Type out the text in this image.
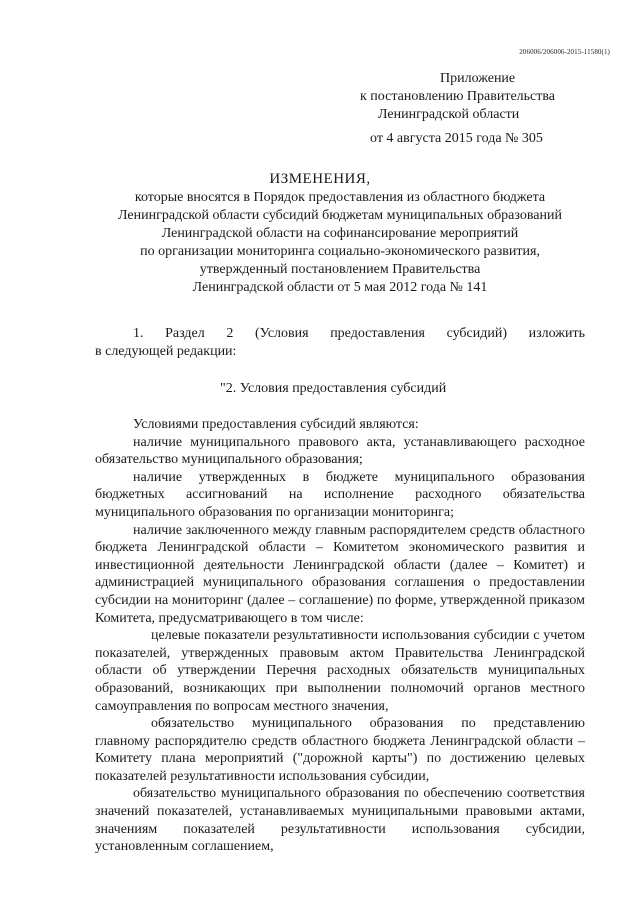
206006/206006-2015-11580(1)
Приложение
к постановлению Правительства
Ленинградской области
от 4 августа 2015 года № 305
ИЗМЕНЕНИЯ,
которые вносятся в Порядок предоставления из областного бюджета
Ленинградской области субсидий бюджетам муниципальных образований
Ленинградской области на софинансирование мероприятий
по организации мониторинга социально-экономического развития,
утвержденный постановлением Правительства
Ленинградской области от 5 мая 2012 года № 141
1. Раздел 2 (Условия предоставления субсидий) изложить
в следующей редакции:
"2. Условия предоставления субсидий

Условиями предоставления субсидий являются:

наличие муниципального правового акта, устанавливающего расходное обязательство муниципального образования;

наличие утвержденных в бюджете муниципального образования бюджетных ассигнований на исполнение расходного обязательства муниципального образования по организации мониторинга;

наличие заключенного между главным распорядителем средств областного бюджета Ленинградской области – Комитетом экономического развития и инвестиционной деятельности Ленинградской области (далее – Комитет) и администрацией муниципального образования соглашения о предоставлении субсидии на мониторинг (далее – соглашение) по форме, утвержденной приказом Комитета, предусматривающего в том числе:

целевые показатели результативности использования субсидии с учетом показателей, утвержденных правовым актом Правительства Ленинградской области об утверждении Перечня расходных обязательств муниципальных образований, возникающих при выполнении полномочий органов местного самоуправления по вопросам местного значения,

обязательство муниципального образования по представлению главному распорядителю средств областного бюджета Ленинградской области – Комитету плана мероприятий ("дорожной карты") по достижению целевых показателей результативности использования субсидии,

обязательство муниципального образования по обеспечению соответствия значений показателей, устанавливаемых муниципальными правовыми актами, значениям показателей результативности использования субсидии, установленным соглашением,
